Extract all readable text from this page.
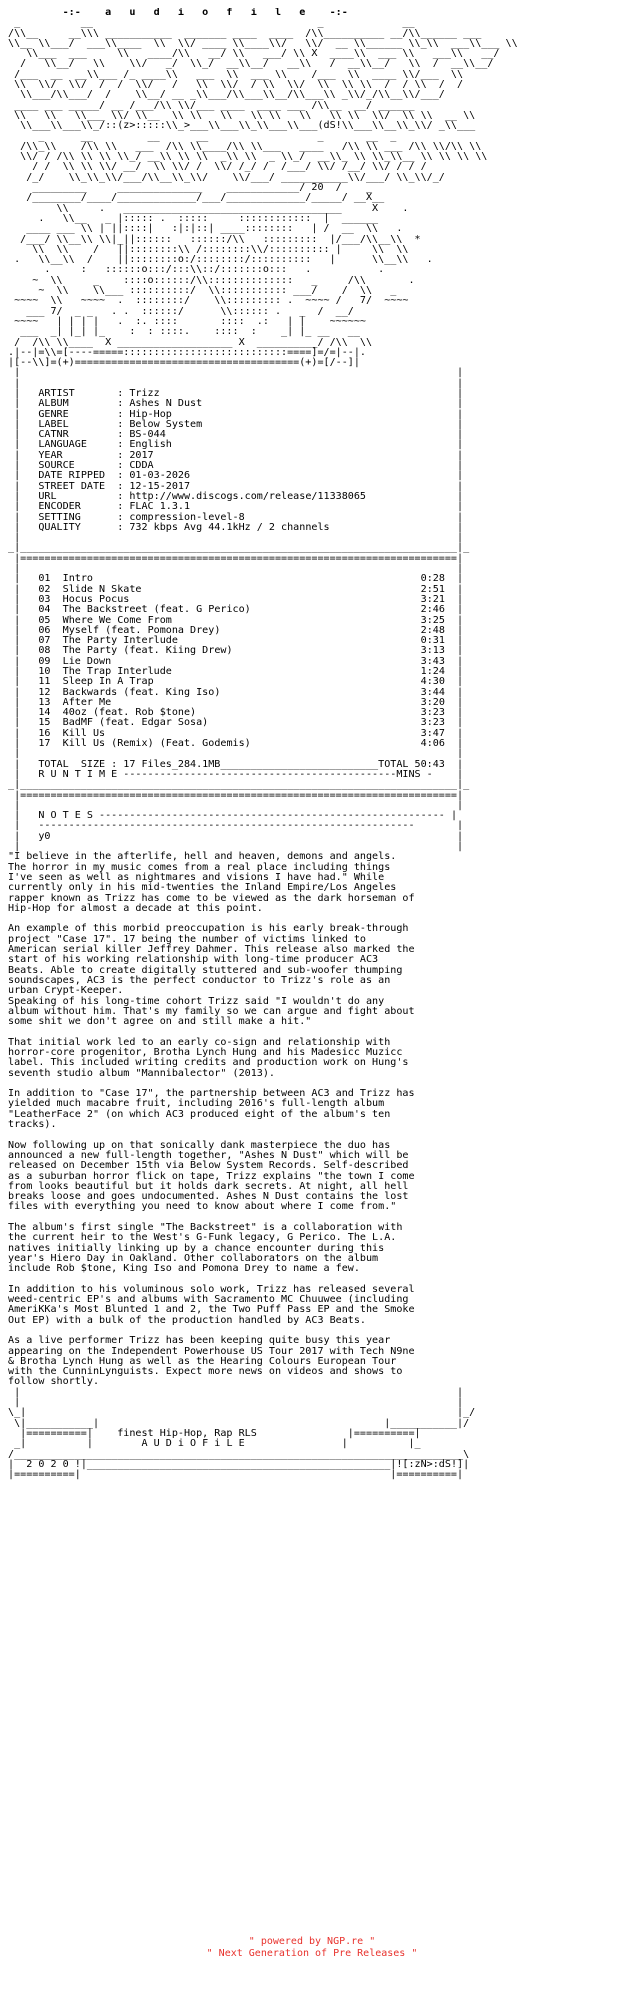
-:-    a   u   d   i   o   f   i   l   e    -:-
_          __                                     _             __
/\\__     __\\\ ___________  _______ ____  ____  /\\__________ __/\\______ ___
\\__ \\___/  ___\\____  \\  \\/ ____ \\____\\/   \\/  __ \\______ \\_\\  ___\\___ \\
\\___  ___     \\   ____/\\   __/ \\   ___/ \\ X  ____\\  ___ \\   ___\\   __/
/   \\__/   \\    \\/   _/  \\_/  __\\__/   __\\   /  __\\__/   \\  /  __\\__/
/___  __  __\\___ /_ ____\\   ___  \\  ___ \\    /___  \\  ____ \\/___  \\
\\  \\/  \\/  /  /  \\/   /   \\  \\/  / \\  \\/  \\  \\ \\  /  / \\  /  /
\\___/\\___/  /    \\__/ __ _\\___/\\___\\__/\\___\\ _\\/_/\\__\\/___/
____ ___ _____/ __ /___/\\ \\/___ ____  ____ ___ /\\__  __/ ______
\\   \\   \\___ \\/ \\__  \\ \\   \\   \\ \\   \\   \\ \\  \\/  \\ \\  __ \\
\\___\\___\\_/::(z>:::::\\_>___\\___\\_\\___\\___(dS!\\___\\__\\_\\/ _\\___
_      __         __      __                  _       __  _
/\\_\\    /\\ \\   ___  /\\ \\____/\\ \\___   ____   /\\ \\ ___ /\\ \\/\\ \\
\\/ / /\\ \\ \\ \\_/ __\\ \\ \\  _\\ \\  _ \\_/  __\\_ \\ \\_\\__ \\ \\ \\ \\
/ /  \\ \\ \\/ __/  \\ \\/ /  \\/ /_/ /  /___/ \\/ /__/ \\/ / / /
/_/    \\_\\_\\/___/\\__\\_\\/    \\/___/ ___________\\/___/ \\_\\/_/
_________     ______________    ____________/ 20  /    _
/________/____/_____________/___/_____________/_____/ __X__
\\     .   ____________________________________     X    .
.   \\__   _ |::::: .  :::::     ::::::::::::  |  ______
____ ___ \\ | ||::::|   :|:|::| ____::::::::   | /  __  \\   .
/___/ \\__\\ \\|_||::::::   ::::::/\\   :::::::::  |/___/\\__\\  *
\\  \\    /   ||::::::::\\ /::::::::\\/:::::::::: |     \\  \\
.   \\__\\  /    ||::::::::o:/::::::::/::::::::::   |      \\__\\   .
.     :   ::::::o:::/:::\\::/:::::::o:::   .           .
~  \\     _    ::::o::::::/\\::::::::::::::   _     /\\       .
~  \\    \\___ ::::::::::/  \\::::::::::: ___/    /  \\   _
~~~~  \\   ~~~~  .  ::::::::/    \\::::::::: .  ~~~~ /   7/  ~~~~
___ 7/  _ _   . .  ::::::/      \\:::::: .   _  /  __/
~~~~   | | | |   .  :. ::::       ::::  .:   | |    ~~~~~~
___  _| |_| |_    :  : ::::.    ::::  :    _| |_ __   __
/  /\\ \\____  X ___________________ X  __________/ /\\  \\
.|--|=\\=[----=====:::::::::::::::::::::::::::====]=/=|--|.
|[--\\]=(+)=====================================(+)=[/--]|

|                                                                        |
|                                                                        |
|   ARTIST       : Trizz	|
|   ALBUM        : Ashes N Dust	|
|   GENRE        : Hip-Hop	|
|   LABEL        : Below System	|
|   CATNR        : BS-044	|
|   LANGUAGE     : English	|
|   YEAR         : 2017	|
|   SOURCE       : CDDA	|
|   DATE RIPPED  : 01-03-2026	|
|   STREET DATE  : 12-15-2017	|
|   URL          : http://www.discogs.com/release/11338065	|
|   ENCODER      : FLAC 1.3.1	|
|   SETTING      : compression-level-8	|
|   QUALITY      : 732 kbps Avg 44.1kHz / 2 channels	|
|                                                                        |
_|________________________________________________________________________|_
|========================================================================|

|                                                                        |
|   01 Intro	0:28  |
|   02 Slide N Skate	2:51  |
|   03 Hocus Pocus	3:21  |
|   04 The Backstreet (feat. G Perico)	2:46  |
|   05 Where We Come From	3:25  |
|   06 Myself (feat. Pomona Drey)	2:48  |
|   07 The Party Interlude	0:31  |
|   08 The Party (feat. Kiing Drew)	3:13  |
|   09 Lie Down	3:43  |
|   10 The Trap Interlude	1:24  |
|   11 Sleep In A Trap	4:30  |
|   12 Backwards (feat. King Iso)	3:44  |
|   13 After Me	3:20  |
|   14 40oz (feat. Rob $tone)	3:23  |
|   15 BadMF (feat. Edgar Sosa)	3:23  |
|   16 Kill Us	3:47  |
|   17 Kill Us (Remix) (Feat. Godemis)	4:06  |
|                                                                        |
|   TOTAL  SIZE : 17 Files_284.1MB__________________________TOTAL 50:43  |
|   R U N T I M E ---------------------------------------------MINS -    |
_|________________________________________________________________________|_
|========================================================================|

|                                                                        |
|   N O T E S --------------------------------------------------------- |
|   --------------------------------------------------------------       |
|   y0	|
|                                                                        |
"I believe in the afterlife, hell and heaven, demons and angels.
The horror in my music comes from a real place including things
I've seen as well as nightmares and visions I have had." While
currently only in his mid-twenties the Inland Empire/Los Angeles
rapper known as Trizz has come to be viewed as the dark horseman of
Hip-Hop for almost a decade at this point.

An example of this morbid preoccupation is his early break-through
project "Case 17". 17 being the number of victims linked to
American serial killer Jeffrey Dahmer. This release also marked the
start of his working relationship with long-time producer AC3
Beats. Able to create digitally stuttered and sub-woofer thumping
soundscapes, AC3 is the perfect conductor to Trizz's role as an
urban Crypt-Keeper.
Speaking of his long-time cohort Trizz said "I wouldn't do any
album without him. That's my family so we can argue and fight about
some shit we don't agree on and still make a hit."

That initial work led to an early co-sign and relationship with
horror-core progenitor, Brotha Lynch Hung and his Madesicc Muzicc
label. This included writing credits and production work on Hung's
seventh studio album "Mannibalector" (2013).

In addition to "Case 17", the partnership between AC3 and Trizz has
yielded much macabre fruit, including 2016's full-length album
"LeatherFace 2" (on which AC3 produced eight of the album's ten
tracks).

Now following up on that sonically dank masterpiece the duo has
announced a new full-length together, "Ashes N Dust" which will be
released on December 15th via Below System Records. Self-described
as a suburban horror flick on tape, Trizz explains "the town I come
from looks beautiful but it holds dark secrets. At night, all hell
breaks loose and goes undocumented. Ashes N Dust contains the lost
files with everything you need to know about where I come from."

The album's first single "The Backstreet" is a collaboration with
the current heir to the West's G-Funk legacy, G Perico. The L.A.
natives initially linking up by a chance encounter during this
year's Hiero Day in Oakland. Other collaborators on the album
include Rob $tone, King Iso and Pomona Drey to name a few.

In addition to his voluminous solo work, Trizz has released several
weed-centric EP's and albums with Sacramento MC Chuuwee (including
AmeriKKa's Most Blunted 1 and 2, the Two Puff Pass EP and the Smoke
Out EP) with a bulk of the production handled by AC3 Beats.

As a live performer Trizz has been keeping quite busy this year
appearing on the Independent Powerhouse US Tour 2017 with Tech N9ne
& Brotha Lynch Hung as well as the Hearing Colours European Tour
with the CunninLynguists. Expect more news on videos and shows to
follow shortly.
|                                                                        |
|                                                                        |

\_|                                                                       |_/
\|___________|                                               |___________|/
|==========|    finest Hip-Hop, Rap RLS	|==========|
_|          |        A U D i O F i L E	|          |_
/__________________________________________________________________________\
|  2 0 2 0 !|__________________________________________________|![:zN>:dS!]|
|==========|                                                   |==========|

" powered by NGP.re "
" Next Generation of Pre Releases "
